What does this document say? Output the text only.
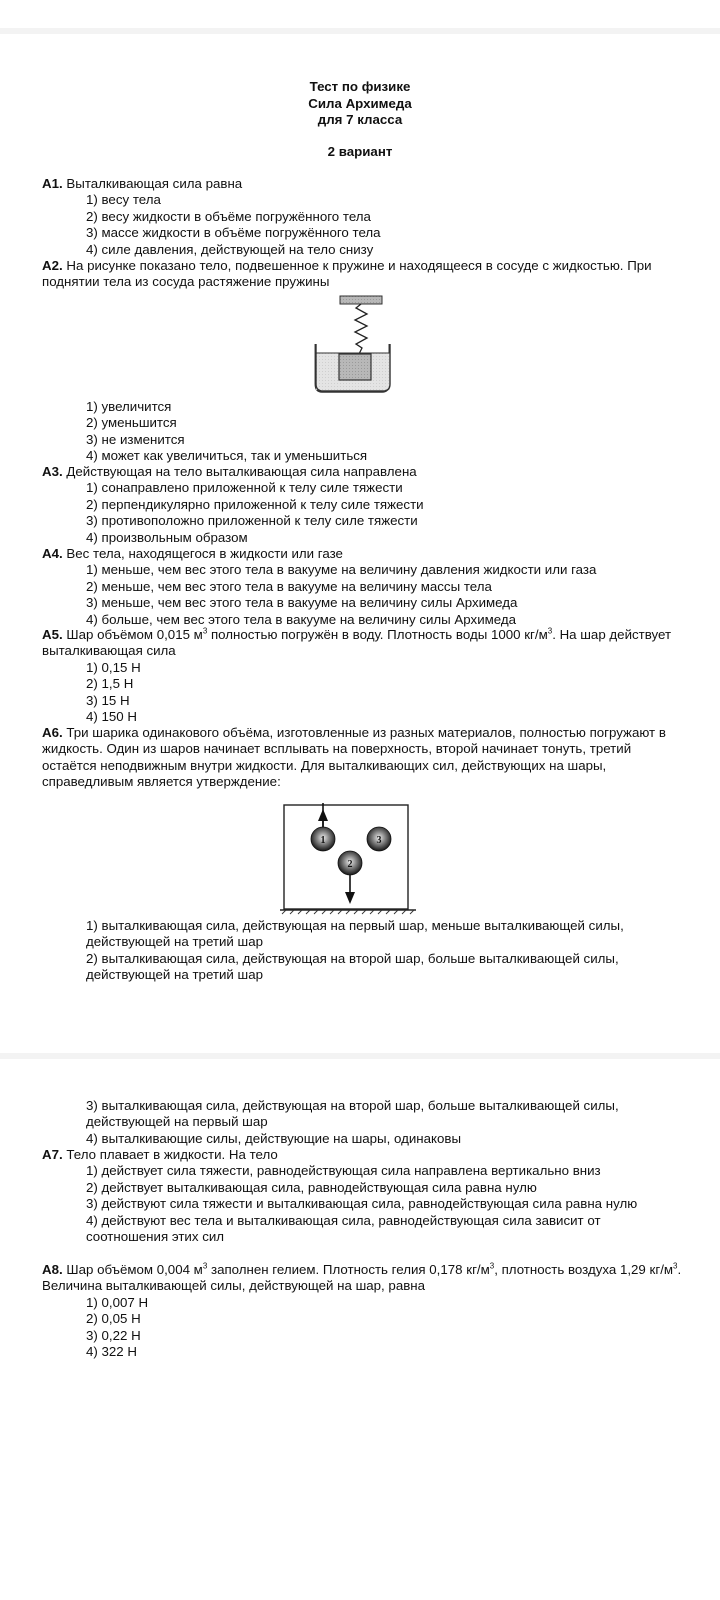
Тест по физике
Сила Архимеда
для 7 класса
2 вариант
А1. Выталкивающая сила равна
1) весу тела
2) весу жидкости в объёме погружённого тела
3) массе жидкости в объёме погружённого тела
4) силе давления, действующей на тело снизу
А2. На рисунке показано тело, подвешенное к пружине и находящееся в сосуде с жидкостью. При поднятии тела из сосуда растяжение пружины
1) увеличится
2) уменьшится
3) не изменится
4) может как увеличиться, так и уменьшиться
А3. Действующая на тело выталкивающая сила направлена
1) сонаправлено приложенной к телу силе тяжести
2) перпендикулярно приложенной к телу силе тяжести
3) противоположно приложенной к телу силе тяжести
4) произвольным образом
А4. Вес тела, находящегося в жидкости или газе
1) меньше, чем вес этого тела в вакууме на величину давления жидкости или газа
2) меньше, чем вес этого тела в вакууме на величину массы тела
3) меньше, чем вес этого тела в вакууме на величину силы Архимеда
4) больше, чем вес этого тела в вакууме на величину силы Архимеда
А5. Шар объёмом 0,015 $м^3$ полностью погружён в воду. Плотность воды 1000 $кг/м^3$. На шар действует выталкивающая сила
1) 0,15 Н
2) 1,5 Н
3) 15 Н
4) 150 Н
А6. Три шарика одинакового объёма, изготовленные из разных материалов, полностью погружают в жидкость. Один из шаров начинает всплывать на поверхность, второй начинает тонуть, третий остаётся неподвижным внутри жидкости. Для выталкивающих сил, действующих на шары, справедливым является утверждение:
1	3
2
1) выталкивающая сила, действующая на первый шар, меньше выталкивающей силы, действующей на третий шар
2) выталкивающая сила, действующая на второй шар, больше выталкивающей силы, действующей на третий шар
3) выталкивающая сила, действующая на второй шар, больше выталкивающей силы, действующей на первый шар
4) выталкивающие силы, действующие на шары, одинаковы
А7. Тело плавает в жидкости. На тело
1) действует сила тяжести, равнодействующая сила направлена вертикально вниз
2) действует выталкивающая сила, равнодействующая сила равна нулю
3) действуют сила тяжести и выталкивающая сила, равнодействующая сила равна нулю
4) действуют вес тела и выталкивающая сила, равнодействующая сила зависит от соотношения этих сил
А8. Шар объёмом 0,004 $м^3$ заполнен гелием. Плотность гелия 0,178 $кг/м^3$, плотность воздуха 1,29 $кг/м^3$. Величина выталкивающей силы, действующей на шар, равна
1) 0,007 Н
2) 0,05 Н
3) 0,22 Н
4) 322 Н
